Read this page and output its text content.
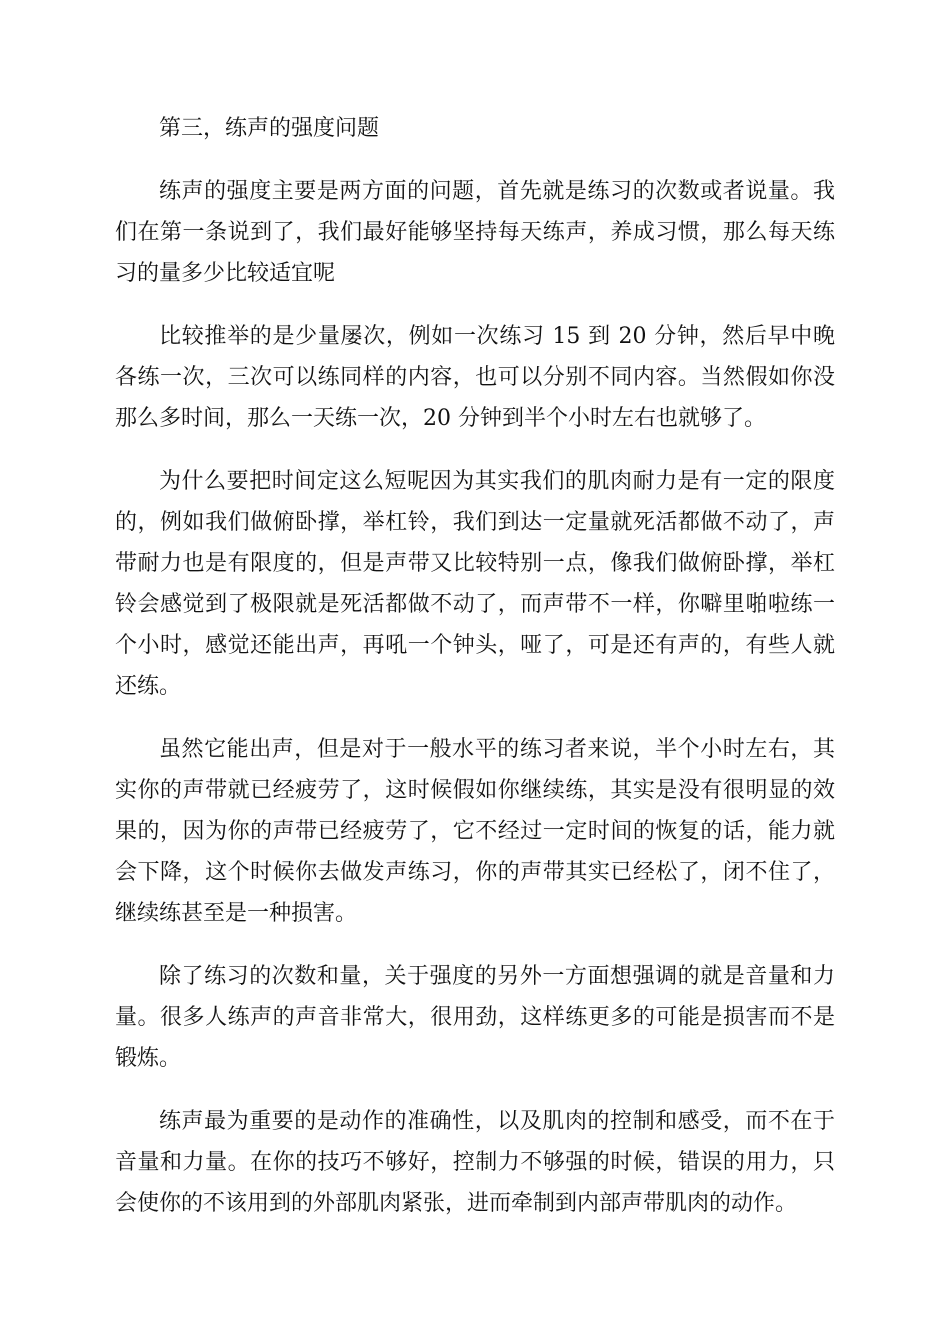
第三，练声的强度问题

练声的强度主要是两方面的问题，首先就是练习的次数或者说量。我们在第一条说到了，我们最好能够坚持每天练声，养成习惯，那么每天练习的量多少比较适宜呢

比较推举的是少量屡次，例如一次练习 15 到 20 分钟，然后早中晚各练一次，三次可以练同样的内容，也可以分别不同内容。当然假如你没那么多时间，那么一天练一次，20 分钟到半个小时左右也就够了。

为什么要把时间定这么短呢因为其实我们的肌肉耐力是有一定的限度的，例如我们做俯卧撑，举杠铃，我们到达一定量就死活都做不动了，声带耐力也是有限度的，但是声带又比较特别一点，像我们做俯卧撑，举杠铃会感觉到了极限就是死活都做不动了，而声带不一样，你噼里啪啦练一个小时，感觉还能出声，再吼一个钟头，哑了，可是还有声的，有些人就还练。

虽然它能出声，但是对于一般水平的练习者来说，半个小时左右，其实你的声带就已经疲劳了，这时候假如你继续练，其实是没有很明显的效果的，因为你的声带已经疲劳了，它不经过一定时间的恢复的话，能力就会下降，这个时候你去做发声练习，你的声带其实已经松了，闭不住了，继续练甚至是一种损害。

除了练习的次数和量，关于强度的另外一方面想强调的就是音量和力量。很多人练声的声音非常大，很用劲，这样练更多的可能是损害而不是锻炼。

练声最为重要的是动作的准确性，以及肌肉的控制和感受，而不在于音量和力量。在你的技巧不够好，控制力不够强的时候，错误的用力，只会使你的不该用到的外部肌肉紧张，进而牵制到内部声带肌肉的动作。
